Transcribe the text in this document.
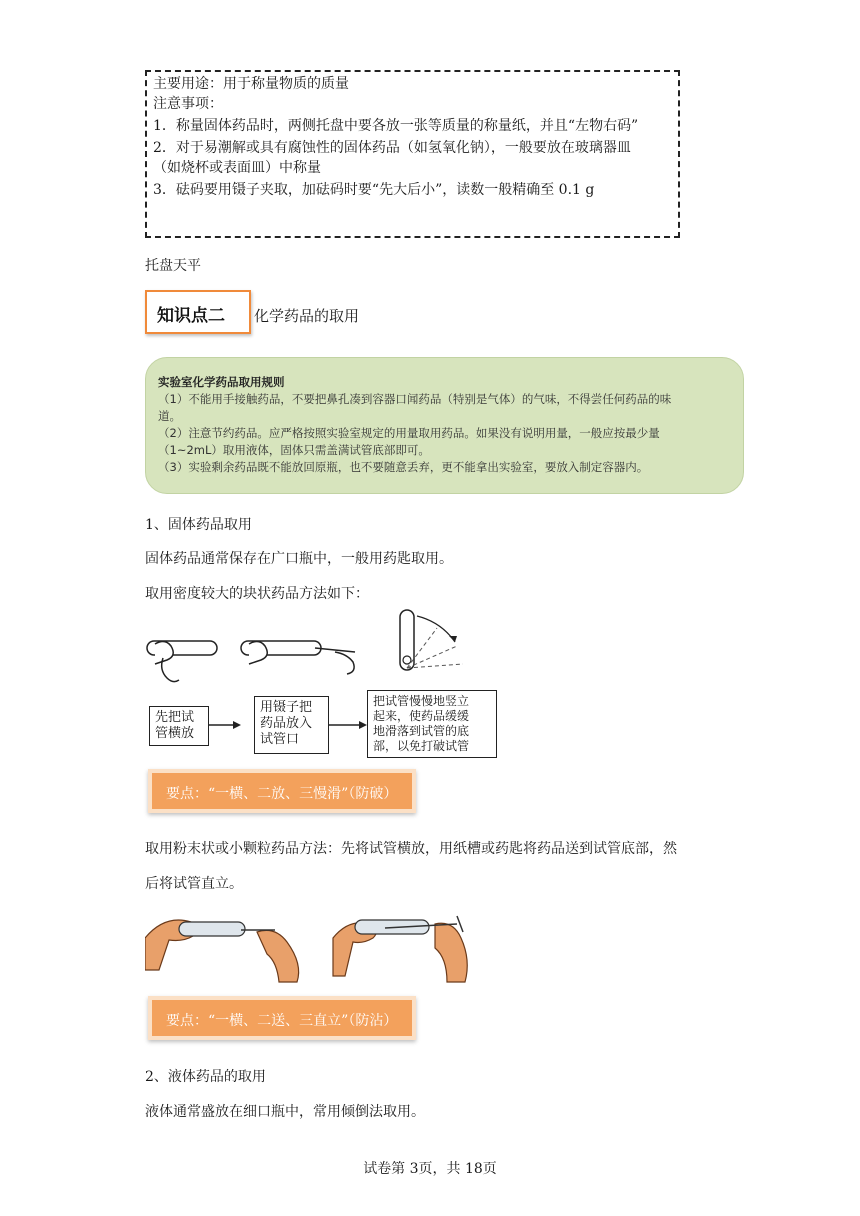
主要用途：用于称量物质的质量
注意事项：
1．称量固体药品时，两侧托盘中要各放一张等质量的称量纸，并且“左物右码”
2．对于易潮解或具有腐蚀性的固体药品（如氢氧化钠），一般要放在玻璃器皿
（如烧杯或表面皿）中称量
3．砝码要用镊子夹取，加砝码时要“先大后小”，读数一般精确至 0.1 g
托盘天平
知识点二 化学药品的取用
实验室化学药品取用规则
（1）不能用手接触药品，不要把鼻孔凑到容器口闻药品（特别是气体）的气味，不得尝任何药品的味
道。
（2）注意节约药品。应严格按照实验室规定的用量取用药品。如果没有说明用量，一般应按最少量
（1~2mL）取用液体，固体只需盖满试管底部即可。
（3）实验剩余药品既不能放回原瓶，也不要随意丢弃，更不能拿出实验室，要放入制定容器内。
1、固体药品取用
固体药品通常保存在广口瓶中，一般用药匙取用。
取用密度较大的块状药品方法如下：
先把试
管横放
用镊子把
药品放入
试管口
把试管慢慢地竖立
起来，使药品缓缓
地滑落到试管的底
部，以免打破试管
要点：“一横、二放、三慢滑”（防破）
取用粉末状或小颗粒药品方法：先将试管横放，用纸槽或药匙将药品送到试管底部，然
后将试管直立。
要点：“一横、二送、三直立”（防沾）
2、液体药品的取用
液体通常盛放在细口瓶中，常用倾倒法取用。
试卷第 3页，共 18页
